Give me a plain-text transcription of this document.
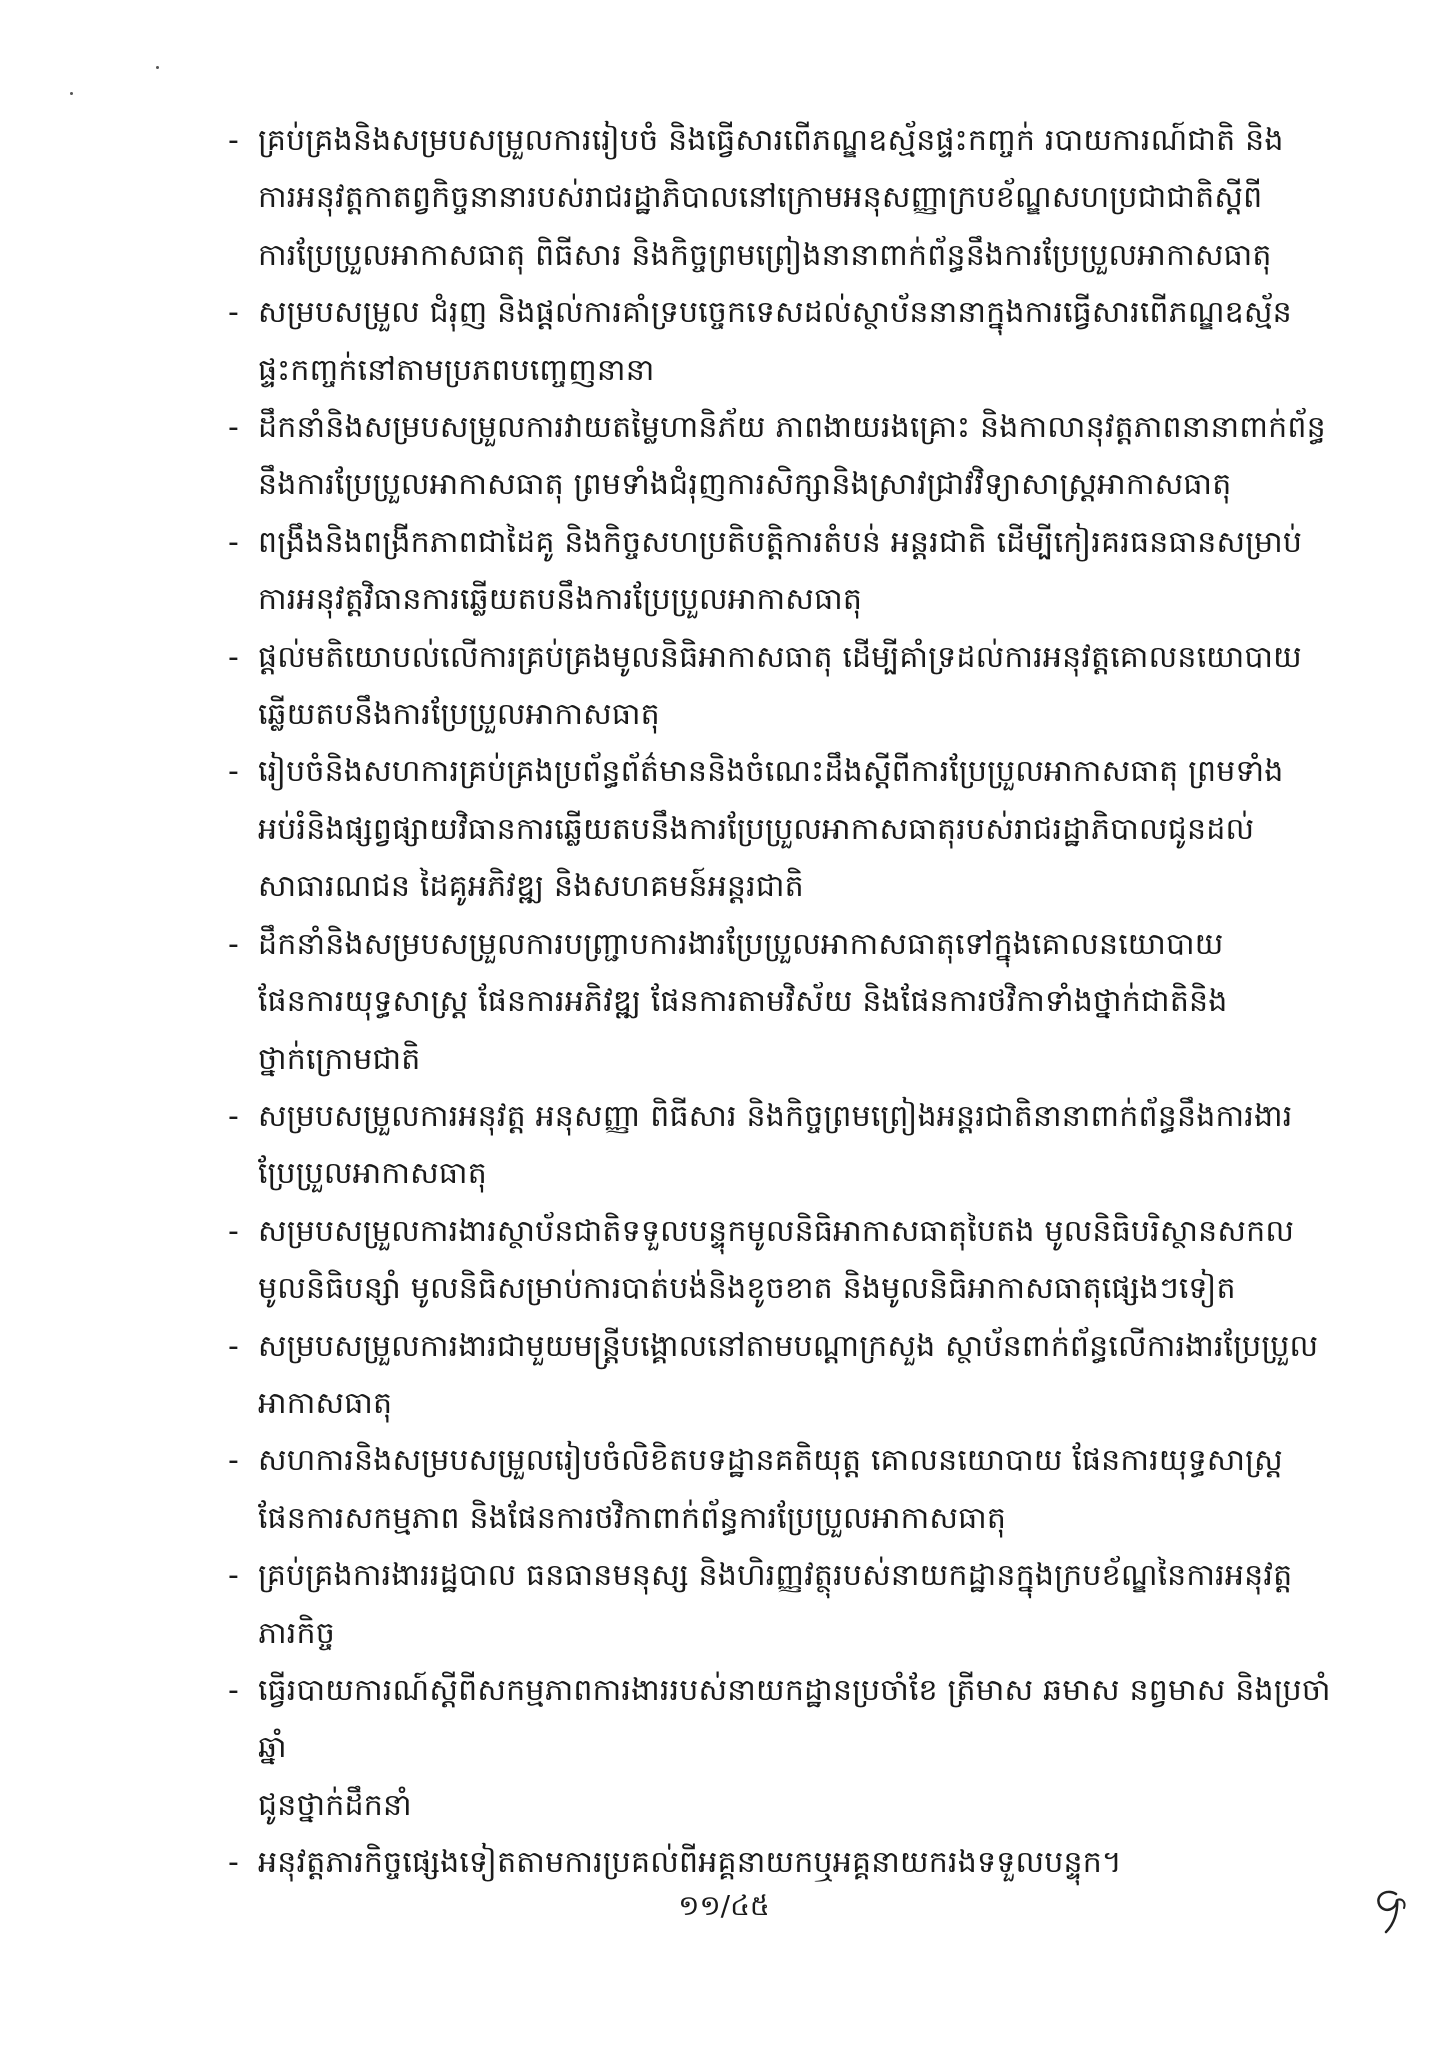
- គ្រប់គ្រងនិងសម្របសម្រួលការរៀបចំ និងធ្វើសារពើភណ្ឌឧស្ម័នផ្ទះកញ្ចក់ របាយការណ៍ជាតិ និង
ការអនុវត្តកាតព្វកិច្ចនានារបស់រាជរដ្ឋាភិបាលនៅក្រោមអនុសញ្ញាក្របខ័ណ្ឌសហប្រជាជាតិស្តីពី
ការប្រែប្រួលអាកាសធាតុ ពិធីសារ និងកិច្ចព្រមព្រៀងនានាពាក់ព័ន្ធនឹងការប្រែប្រួលអាកាសធាតុ
- សម្របសម្រួល ជំរុញ និងផ្តល់ការគាំទ្របច្ចេកទេសដល់ស្ថាប័ននានាក្នុងការធ្វើសារពើភណ្ឌឧស្ម័ន
ផ្ទះកញ្ចក់នៅតាមប្រភពបញ្ចេញនានា
- ដឹកនាំនិងសម្របសម្រួលការវាយតម្លៃហានិភ័យ ភាពងាយរងគ្រោះ និងកាលានុវត្តភាពនានាពាក់ព័ន្ធ
នឹងការប្រែប្រួលអាកាសធាតុ ព្រមទាំងជំរុញការសិក្សានិងស្រាវជ្រាវវិទ្យាសាស្ត្រអាកាសធាតុ
- ពង្រឹងនិងពង្រីកភាពជាដៃគូ និងកិច្ចសហប្រតិបត្តិការតំបន់ អន្តរជាតិ ដើម្បីកៀរគរធនធានសម្រាប់
ការអនុវត្តវិធានការឆ្លើយតបនឹងការប្រែប្រួលអាកាសធាតុ
- ផ្តល់មតិយោបល់លើការគ្រប់គ្រងមូលនិធិអាកាសធាតុ ដើម្បីគាំទ្រដល់ការអនុវត្តគោលនយោបាយ
ឆ្លើយតបនឹងការប្រែប្រួលអាកាសធាតុ
- រៀបចំនិងសហការគ្រប់គ្រងប្រព័ន្ធព័ត៌មាននិងចំណេះដឹងស្តីពីការប្រែប្រួលអាកាសធាតុ ព្រមទាំង
អប់រំនិងផ្សព្វផ្សាយវិធានការឆ្លើយតបនឹងការប្រែប្រួលអាកាសធាតុរបស់រាជរដ្ឋាភិបាលជូនដល់
សាធារណជន ដៃគូអភិវឌ្ឍ និងសហគមន៍អន្តរជាតិ
- ដឹកនាំនិងសម្របសម្រួលការបញ្ជ្រាបការងារប្រែប្រួលអាកាសធាតុទៅក្នុងគោលនយោបាយ
ផែនការយុទ្ធសាស្ត្រ ផែនការអភិវឌ្ឍ ផែនការតាមវិស័យ និងផែនការថវិកាទាំងថ្នាក់ជាតិនិង
ថ្នាក់ក្រោមជាតិ
- សម្របសម្រួលការអនុវត្ត អនុសញ្ញា ពិធីសារ និងកិច្ចព្រមព្រៀងអន្តរជាតិនានាពាក់ព័ន្ធនឹងការងារ
ប្រែប្រួលអាកាសធាតុ
- សម្របសម្រួលការងារស្ថាប័នជាតិទទួលបន្ទុកមូលនិធិអាកាសធាតុបៃតង មូលនិធិបរិស្ថានសកល
មូលនិធិបន្សាំ មូលនិធិសម្រាប់ការបាត់បង់និងខូចខាត និងមូលនិធិអាកាសធាតុផ្សេងៗទៀត
- សម្របសម្រួលការងារជាមួយមន្ត្រីបង្គោលនៅតាមបណ្តាក្រសួង ស្ថាប័នពាក់ព័ន្ធលើការងារប្រែប្រួល
អាកាសធាតុ
- សហការនិងសម្របសម្រួលរៀបចំលិខិតបទដ្ឋានគតិយុត្ត គោលនយោបាយ ផែនការយុទ្ធសាស្ត្រ
ផែនការសកម្មភាព និងផែនការថវិកាពាក់ព័ន្ធការប្រែប្រួលអាកាសធាតុ
- គ្រប់គ្រងការងាររដ្ឋបាល ធនធានមនុស្ស និងហិរញ្ញវត្ថុរបស់នាយកដ្ឋានក្នុងក្របខ័ណ្ឌនៃការអនុវត្ត
ភារកិច្ច
- ធ្វើរបាយការណ៍ស្តីពីសកម្មភាពការងាររបស់នាយកដ្ឋានប្រចាំខែ ត្រីមាស ឆមាស នព្វមាស និងប្រចាំឆ្នាំ
ជូនថ្នាក់ដឹកនាំ
- អនុវត្តភារកិច្ចផ្សេងទៀតតាមការប្រគល់ពីអគ្គនាយកឬអគ្គនាយករងទទួលបន្ទុក។
១១/៤៥
